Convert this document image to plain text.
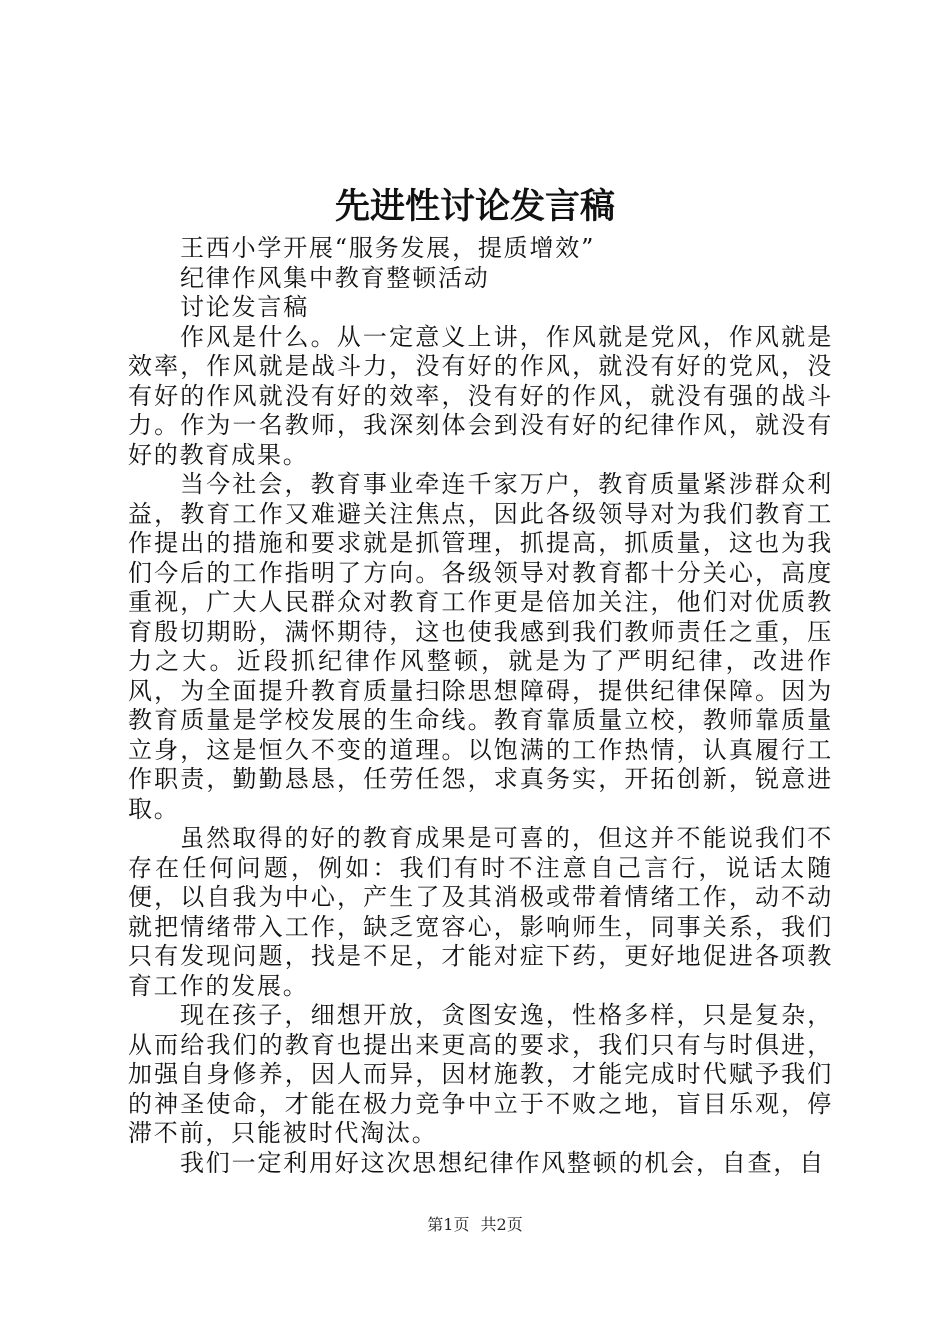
先进性讨论发言稿

王西小学开展“服务发展，提质增效”

纪律作风集中教育整顿活动

讨论发言稿

作风是什么。从一定意义上讲，作风就是党风，作风就是效率，作风就是战斗力，没有好的作风，就没有好的党风，没有好的作风就没有好的效率，没有好的作风，就没有强的战斗力。作为一名教师，我深刻体会到没有好的纪律作风，就没有好的教育成果。

当今社会，教育事业牵连千家万户，教育质量紧涉群众利益，教育工作又难避关注焦点，因此各级领导对为我们教育工作提出的措施和要求就是抓管理，抓提高，抓质量，这也为我们今后的工作指明了方向。各级领导对教育都十分关心，高度重视，广大人民群众对教育工作更是倍加关注，他们对优质教育殷切期盼，满怀期待，这也使我感到我们教师责任之重，压力之大。近段抓纪律作风整顿，就是为了严明纪律，改进作风，为全面提升教育质量扫除思想障碍，提供纪律保障。因为教育质量是学校发展的生命线。教育靠质量立校，教师靠质量立身，这是恒久不变的道理。以饱满的工作热情，认真履行工作职责，勤勤恳恳，任劳任怨，求真务实，开拓创新，锐意进取。

虽然取得的好的教育成果是可喜的，但这并不能说我们不存在任何问题，例如：我们有时不注意自己言行，说话太随便，以自我为中心，产生了及其消极或带着情绪工作，动不动就把情绪带入工作，缺乏宽容心，影响师生，同事关系，我们只有发现问题，找是不足，才能对症下药，更好地促进各项教育工作的发展。

现在孩子，细想开放，贪图安逸，性格多样，只是复杂，从而给我们的教育也提出来更高的要求，我们只有与时俱进，加强自身修养，因人而异，因材施教，才能完成时代赋予我们的神圣使命，才能在极力竞争中立于不败之地，盲目乐观，停滞不前，只能被时代淘汰。

我们一定利用好这次思想纪律作风整顿的机会，自查，自

第1页 共2页
